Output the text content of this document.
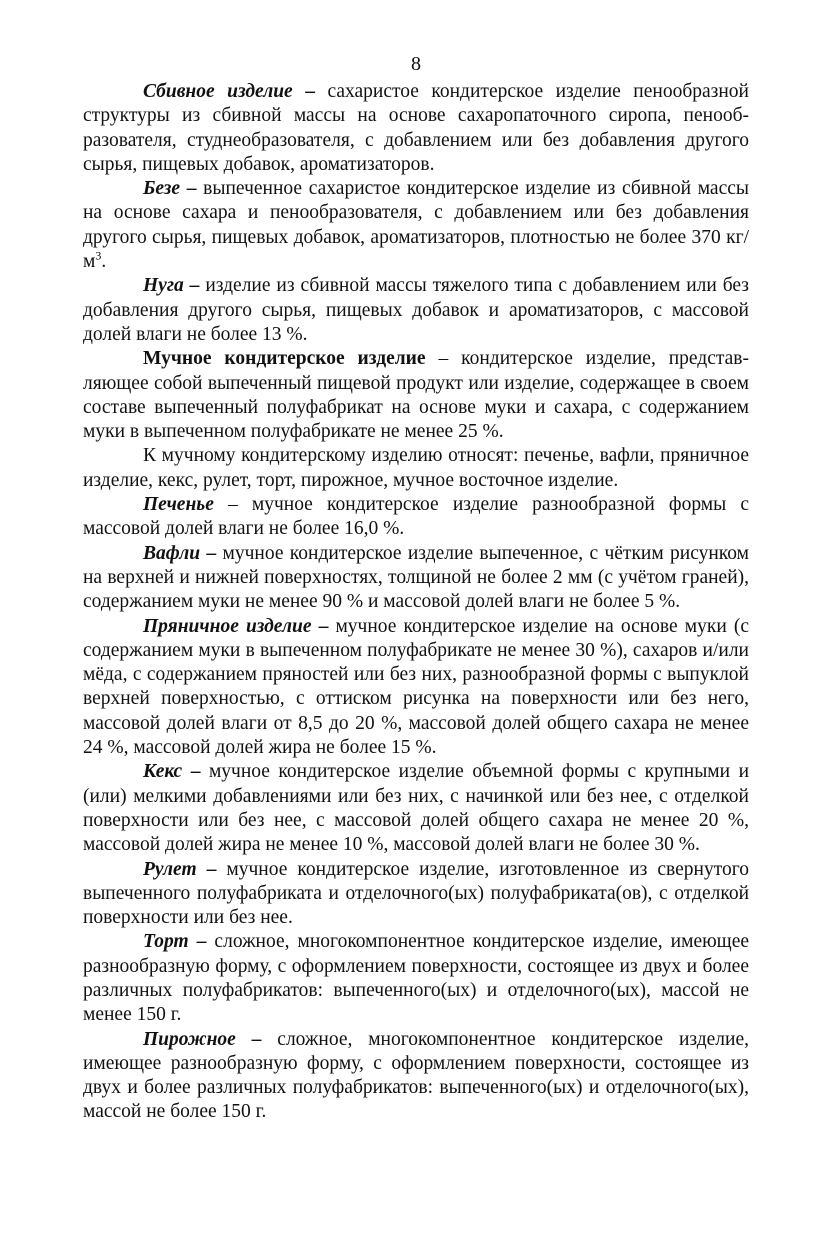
8

Сбивное изделие – сахаристое кондитерское изделие пенообразной структуры из сбивной массы на основе сахаропаточного сиропа, пенообразователя, студнеобразователя, с добавлением или без добавления другого сырья, пищевых добавок, ароматизаторов.

Безе – выпеченное сахаристое кондитерское изделие из сбивной массы на основе сахара и пенообразователя, с добавлением или без добавления другого сырья, пищевых добавок, ароматизаторов, плотностью не более 370 $кг/м^3$.

Нуга – изделие из сбивной массы тяжелого типа с добавлением или без добавления другого сырья, пищевых добавок и ароматизаторов, с массовой долей влаги не более 13 %.

Мучное кондитерское изделие – кондитерское изделие, представляющее собой выпеченный пищевой продукт или изделие, содержащее в своем составе выпеченный полуфабрикат на основе муки и сахара, с содержанием муки в выпеченном полуфабрикате не менее 25 %.

К мучному кондитерскому изделию относят: печенье, вафли, пряничное изделие, кекс, рулет, торт, пирожное, мучное восточное изделие.

Печенье – мучное кондитерское изделие разнообразной формы с массовой долей влаги не более 16,0 %.

Вафли – мучное кондитерское изделие выпеченное, с чётким рисунком на верхней и нижней поверхностях, толщиной не более 2 мм (с учётом граней), содержанием муки не менее 90 % и массовой долей влаги не более 5 %.

Пряничное изделие – мучное кондитерское изделие на основе муки (с содержанием муки в выпеченном полуфабрикате не менее 30 %), сахаров и/или мёда, с содержанием пряностей или без них, разнообразной формы с выпуклой верхней поверхностью, с оттиском рисунка на поверхности или без него, массовой долей влаги от 8,5 до 20 %, массовой долей общего сахара не менее 24 %, массовой долей жира не более 15 %.

Кекс – мучное кондитерское изделие объемной формы с крупными и (или) мелкими добавлениями или без них, с начинкой или без нее, с отделкой поверхности или без нее, с массовой долей общего сахара не менее 20 %, массовой долей жира не менее 10 %, массовой долей влаги не более 30 %.

Рулет – мучное кондитерское изделие, изготовленное из свернутого выпеченного полуфабриката и отделочного(ых) полуфабриката(ов), с отделкой поверхности или без нее.

Торт – сложное, многокомпонентное кондитерское изделие, имеющее разнообразную форму, с оформлением поверхности, состоящее из двух и более различных полуфабрикатов: выпеченного(ых) и отделочного(ых), массой не менее 150 г.

Пирожное – сложное, многокомпонентное кондитерское изделие, имеющее разнообразную форму, с оформлением поверхности, состоящее из двух и более различных полуфабрикатов: выпеченного(ых) и отделочного(ых), массой не более 150 г.
